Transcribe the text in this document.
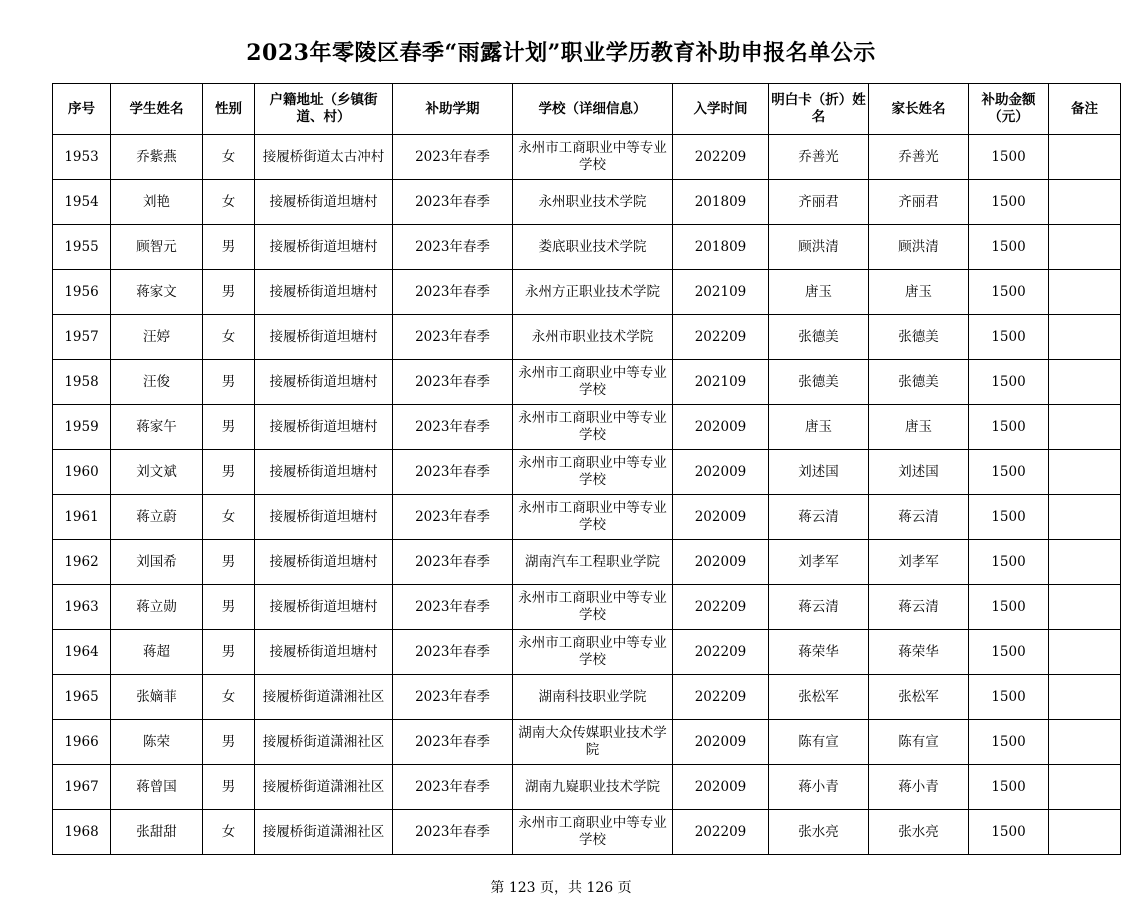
2023年零陵区春季“雨露计划”职业学历教育补助申报名单公示
序号	学生姓名	性别	户籍地址（乡镇街道、村）	补助学期	学校（详细信息）	入学时间	明白卡（折）姓名	家长姓名	补助金额（元）	备注
1953	乔紫燕	女	接履桥街道太古冲村	2023年春季	永州市工商职业中等专业学校	202209	乔善光	乔善光	1500	
1954	刘艳	女	接履桥街道坦塘村	2023年春季	永州职业技术学院	201809	齐丽君	齐丽君	1500	
1955	顾智元	男	接履桥街道坦塘村	2023年春季	娄底职业技术学院	201809	顾洪清	顾洪清	1500	
1956	蒋家文	男	接履桥街道坦塘村	2023年春季	永州方正职业技术学院	202109	唐玉	唐玉	1500	
1957	汪婷	女	接履桥街道坦塘村	2023年春季	永州市职业技术学院	202209	张德美	张德美	1500	
1958	汪俊	男	接履桥街道坦塘村	2023年春季	永州市工商职业中等专业学校	202109	张德美	张德美	1500	
1959	蒋家午	男	接履桥街道坦塘村	2023年春季	永州市工商职业中等专业学校	202009	唐玉	唐玉	1500	
1960	刘文斌	男	接履桥街道坦塘村	2023年春季	永州市工商职业中等专业学校	202009	刘述国	刘述国	1500	
1961	蒋立蔚	女	接履桥街道坦塘村	2023年春季	永州市工商职业中等专业学校	202009	蒋云清	蒋云清	1500	
1962	刘国希	男	接履桥街道坦塘村	2023年春季	湖南汽车工程职业学院	202009	刘孝军	刘孝军	1500	
1963	蒋立勋	男	接履桥街道坦塘村	2023年春季	永州市工商职业中等专业学校	202209	蒋云清	蒋云清	1500	
1964	蒋超	男	接履桥街道坦塘村	2023年春季	永州市工商职业中等专业学校	202209	蒋荣华	蒋荣华	1500	
1965	张嫡菲	女	接履桥街道潇湘社区	2023年春季	湖南科技职业学院	202209	张松军	张松军	1500	
1966	陈荣	男	接履桥街道潇湘社区	2023年春季	湖南大众传媒职业技术学院	202009	陈有宣	陈有宣	1500	
1967	蒋曾国	男	接履桥街道潇湘社区	2023年春季	湖南九嶷职业技术学院	202009	蒋小青	蒋小青	1500	
1968	张甜甜	女	接履桥街道潇湘社区	2023年春季	永州市工商职业中等专业学校	202209	张水亮	张水亮	1500	
第 123 页，共 126 页
